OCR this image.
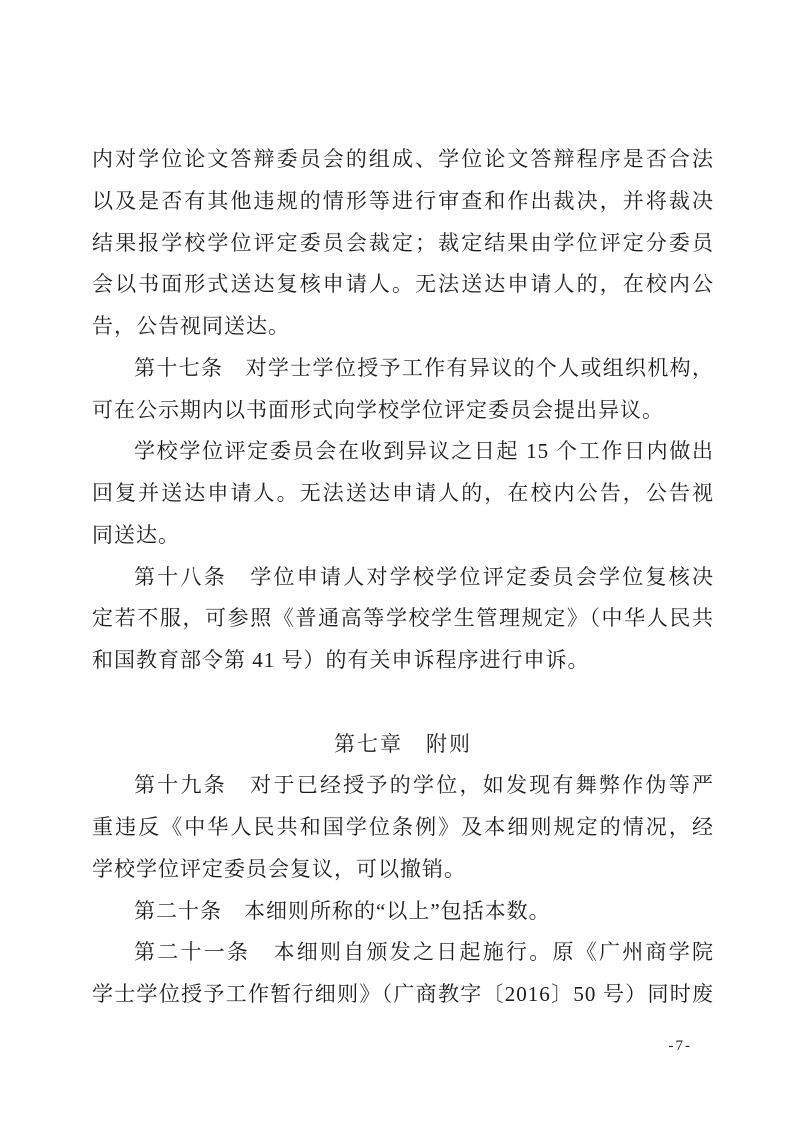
内对学位论文答辩委员会的组成、学位论文答辩程序是否合法
以及是否有其他违规的情形等进行审查和作出裁决，并将裁决
结果报学校学位评定委员会裁定；裁定结果由学位评定分委员
会以书面形式送达复核申请人。无法送达申请人的，在校内公
告，公告视同送达。
第十七条　对学士学位授予工作有异议的个人或组织机构，
可在公示期内以书面形式向学校学位评定委员会提出异议。
学校学位评定委员会在收到异议之日起 15 个工作日内做出
回复并送达申请人。无法送达申请人的，在校内公告，公告视
同送达。
第十八条　学位申请人对学校学位评定委员会学位复核决
定若不服，可参照《普通高等学校学生管理规定》（中华人民共
和国教育部令第 41 号）的有关申诉程序进行申诉。
第七章　附则
第十九条　对于已经授予的学位，如发现有舞弊作伪等严
重违反《中华人民共和国学位条例》及本细则规定的情况，经
学校学位评定委员会复议，可以撤销。
第二十条　本细则所称的“以上”包括本数。
第二十一条　本细则自颁发之日起施行。原《广州商学院
学士学位授予工作暂行细则》（广商教字〔2016〕50 号）同时废
-7-
